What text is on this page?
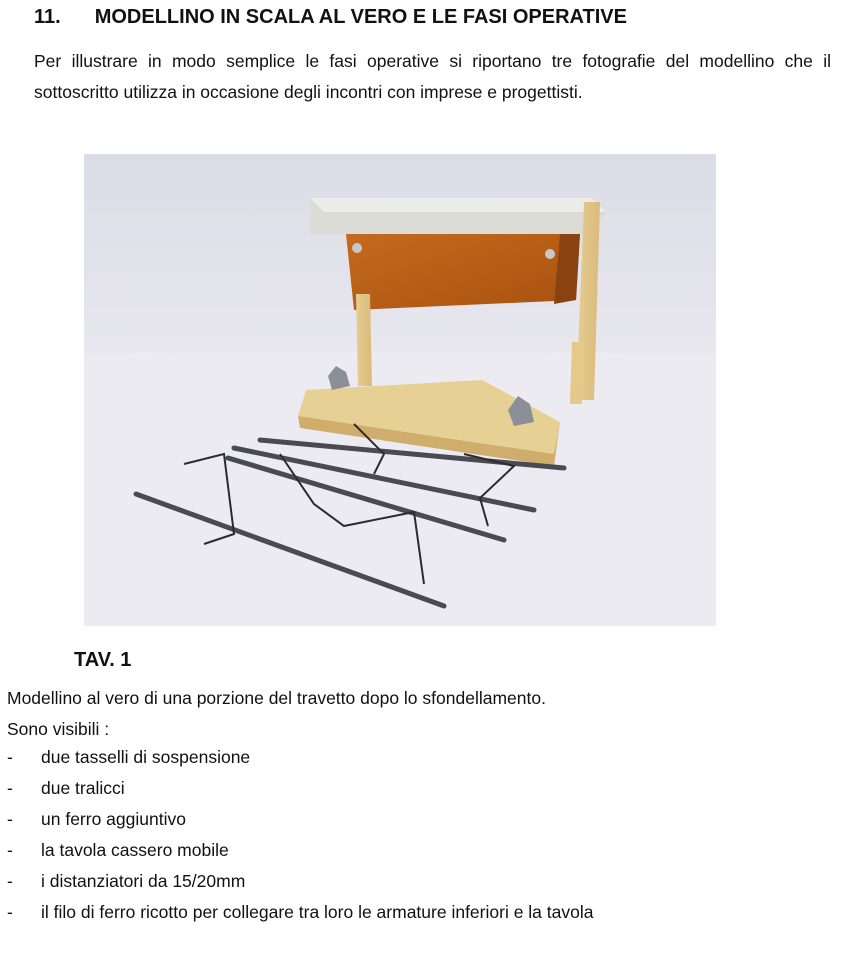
11. MODELLINO IN SCALA AL VERO E LE FASI OPERATIVE
Per illustrare in modo semplice le fasi operative si riportano tre fotografie del modellino che il sottoscritto utilizza in occasione degli incontri con imprese e progettisti.
TAV. 1
Modellino al vero di una porzione del travetto dopo lo sfondellamento.
Sono visibili :
-	due tasselli di sospensione
-	due tralicci
-	un ferro aggiuntivo
-	la tavola cassero mobile
-	i distanziatori da 15/20mm
-	il filo di ferro ricotto per collegare tra loro le armature inferiori e la tavola
